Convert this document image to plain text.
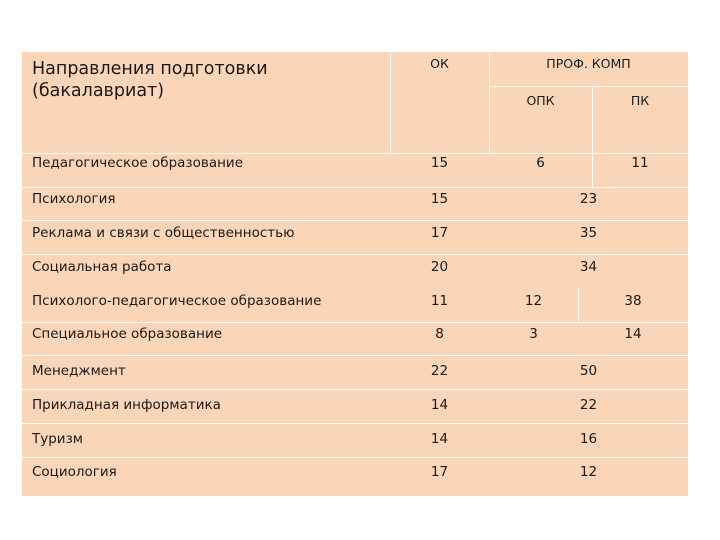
Направления подготовки (бакалавриат)
ОК	ПРОФ. КОМП
ОПК	ПК
Педагогическое образование	15	6	11
Психология	15	23
Реклама и связи с общественностью	17	35
Социальная работа	20	34
Психолого-педагогическое образование	11	12	38
Специальное образование	8	3	14
Менеджмент	22	50
Прикладная информатика	14	22
Туризм	14	16
Социология	17	12
